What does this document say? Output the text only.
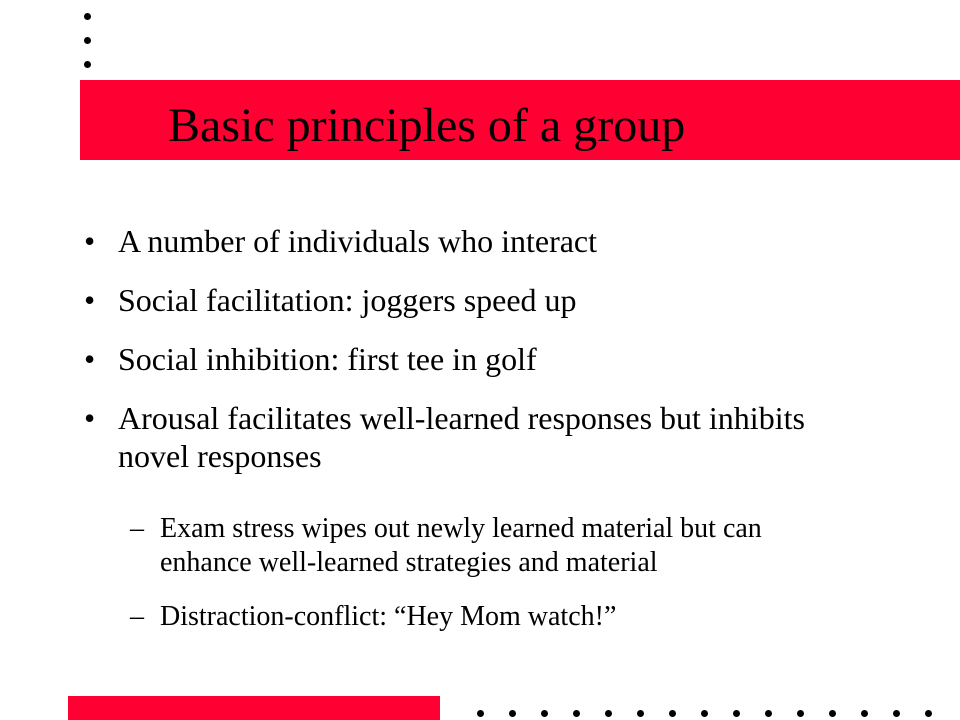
Basic principles of a group
• A number of individuals who interact
• Social facilitation: joggers speed up
• Social inhibition: first tee in golf
• Arousal facilitates well-learned responses but inhibits novel responses
– Exam stress wipes out newly learned material but can enhance well-learned strategies and material
– Distraction-conflict: “Hey Mom watch!”
